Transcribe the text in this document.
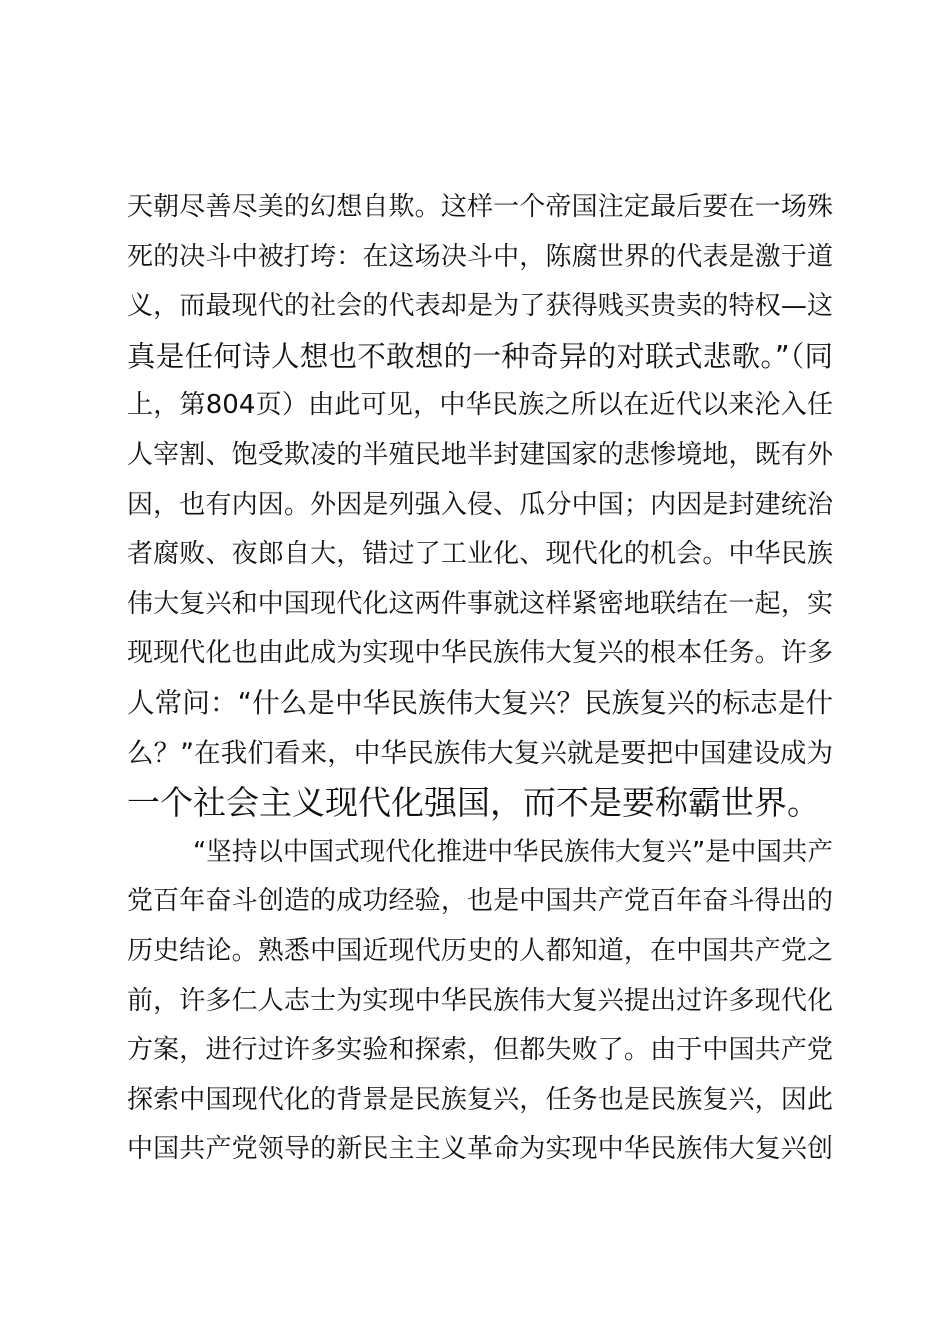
天朝尽善尽美的幻想自欺。这样一个帝国注定最后要在一场殊
死的决斗中被打垮：在这场决斗中，陈腐世界的代表是激于道
义，而最现代的社会的代表却是为了获得贱买贵卖的特权—这
真是任何诗人想也不敢想的一种奇异的对联式悲歌。”（同
上，第804页）由此可见，中华民族之所以在近代以来沦入任
人宰割、饱受欺凌的半殖民地半封建国家的悲惨境地，既有外
因，也有内因。外因是列强入侵、瓜分中国；内因是封建统治
者腐败、夜郎自大，错过了工业化、现代化的机会。中华民族
伟大复兴和中国现代化这两件事就这样紧密地联结在一起，实
现现代化也由此成为实现中华民族伟大复兴的根本任务。许多
人常问：“什么是中华民族伟大复兴？民族复兴的标志是什
么？”在我们看来，中华民族伟大复兴就是要把中国建设成为
一个社会主义现代化强国，而不是要称霸世界。
“坚持以中国式现代化推进中华民族伟大复兴”是中国共产
党百年奋斗创造的成功经验，也是中国共产党百年奋斗得出的
历史结论。熟悉中国近现代历史的人都知道，在中国共产党之
前，许多仁人志士为实现中华民族伟大复兴提出过许多现代化
方案，进行过许多实验和探索，但都失败了。由于中国共产党
探索中国现代化的背景是民族复兴，任务也是民族复兴，因此
中国共产党领导的新民主主义革命为实现中华民族伟大复兴创
